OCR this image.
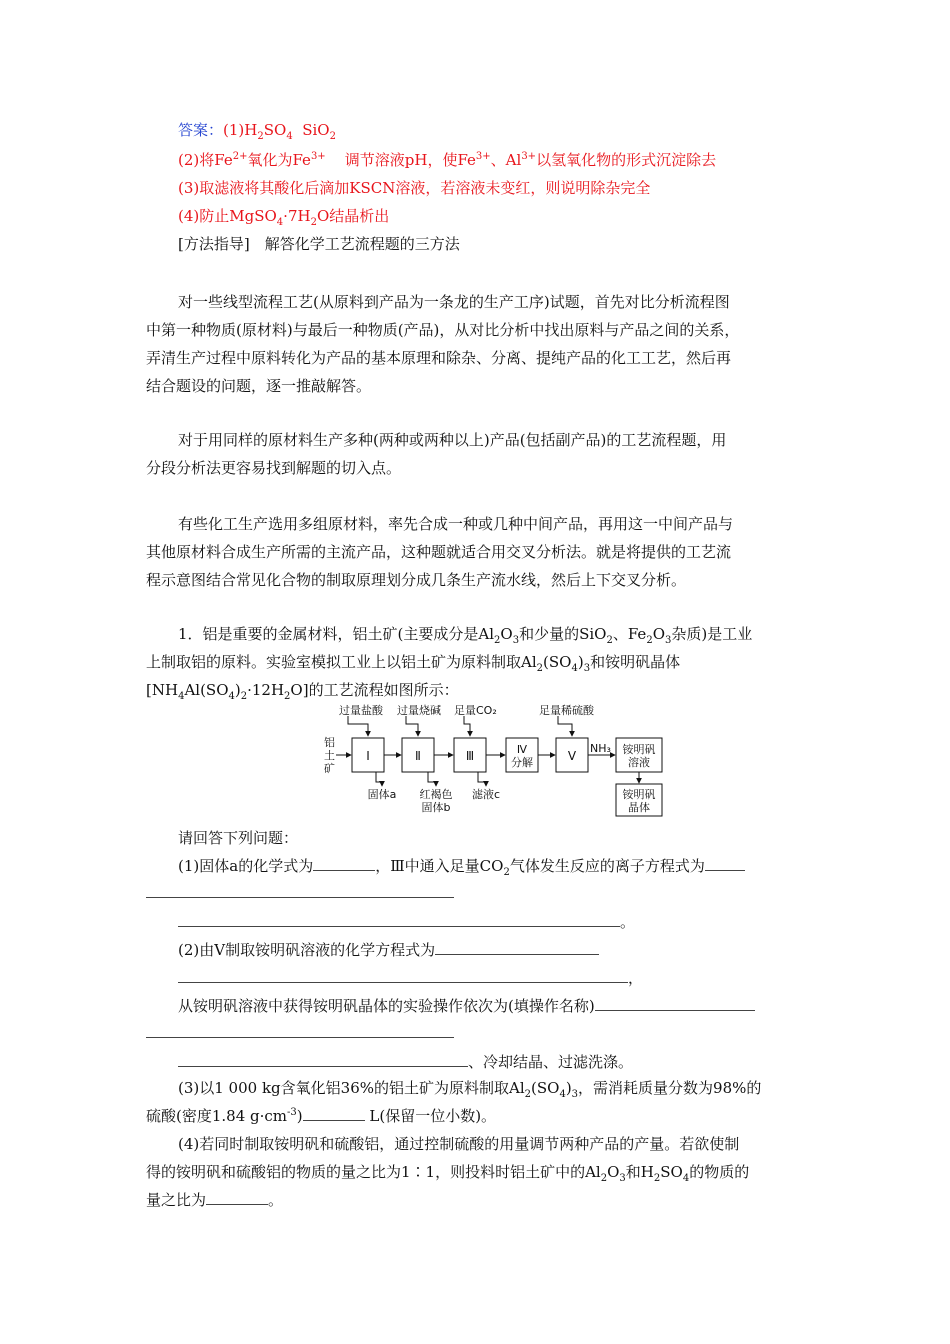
答案：$(1)H_2SO_4$ SiO$_2$
(2)将$Fe^{2+}$氧化为$Fe^{3+}$ 调节溶液pH，使$Fe^{3+}$、$Al^{3+}$以氢氧化物的形式沉淀除去
(3)取滤液将其酸化后滴加KSCN溶液，若溶液未变红，则说明除杂完全
(4)防止$MgSO_4\cdot 7H_2O$结晶析出
[方法指导]　解答化学工艺流程题的三方法
对一些线型流程工艺(从原料到产品为一条龙的生产工序)试题，首先对比分析流程图
中第一种物质(原材料)与最后一种物质(产品)，从对比分析中找出原料与产品之间的关系，
弄清生产过程中原料转化为产品的基本原理和除杂、分离、提纯产品的化工工艺，然后再
结合题设的问题，逐一推敲解答。
对于用同样的原材料生产多种(两种或两种以上)产品(包括副产品)的工艺流程题，用
分段分析法更容易找到解题的切入点。
有些化工生产选用多组原材料，率先合成一种或几种中间产品，再用这一中间产品与
其他原材料合成生产所需的主流产品，这种题就适合用交叉分析法。就是将提供的工艺流
程示意图结合常见化合物的制取原理划分成几条生产流水线，然后上下交叉分析。
1．铝是重要的金属材料，铝土矿(主要成分是$Al_2O_3$和少量的SiO$_2$、$Fe_2O_3$杂质)是工业
上制取铝的原料。实验室模拟工业上以铝土矿为原料制取$Al_2(SO_4)_3$和铵明矾晶体
$[NH_4Al(SO_4)_2\cdot 12H_2O]$的工艺流程如图所示：
铝
土
矿
过量盐酸 过量烧碱 足量CO₂	足量稀硫酸
Ⅰ	Ⅱ	Ⅲ	Ⅳ
分解	Ⅴ
NH₃ 铵明矾
溶液
铵明矾
晶体
固体a 红褐色
固体b
滤液c
请回答下列问题：
(1)固体a的化学式为	，Ⅲ中通入足量$CO_2$气体发生反应的离子方程式为
。
(2)由Ⅴ制取铵明矾溶液的化学方程式为
，
从铵明矾溶液中获得铵明矾晶体的实验操作依次为(填操作名称)
、冷却结晶、过滤洗涤。
(3)以1 000 kg含氧化铝36%的铝土矿为原料制取$Al_2(SO_4)_3$，需消耗质量分数为98%的
硫酸(密度1.84 $g\cdot cm^{-3}$)	L(保留一位小数)。
(4)若同时制取铵明矾和硫酸铝，通过控制硫酸的用量调节两种产品的产量。若欲使制
得的铵明矾和硫酸铝的物质的量之比为1∶1，则投料时铝土矿中的$Al_2O_3$和$H_2SO_4$的物质的
量之比为	。
